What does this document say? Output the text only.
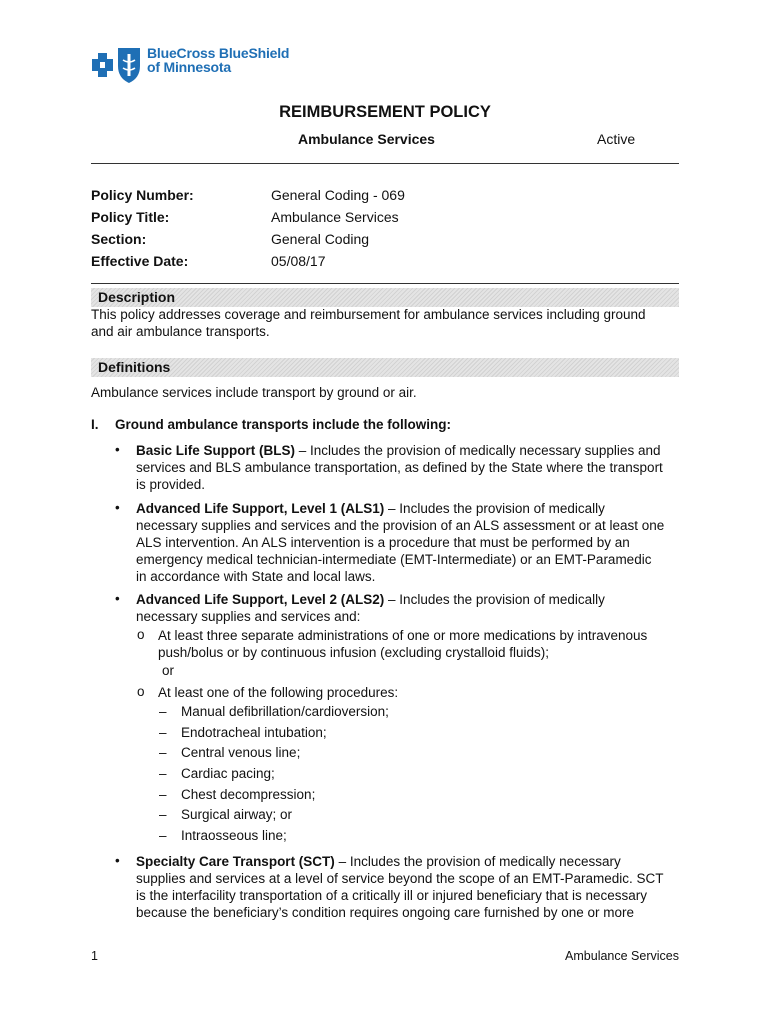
BlueCross BlueShield
of Minnesota
REIMBURSEMENT POLICY
Ambulance Services	Active
Policy Number:
Policy Title:
Section:
Effective Date:
General Coding - 069
Ambulance Services
General Coding
05/08/17
Description
This policy addresses coverage and reimbursement for ambulance services including ground
and air ambulance transports.
Definitions
Ambulance services include transport by ground or air.
I. Ground ambulance transports include the following:
• Basic Life Support (BLS) – Includes the provision of medically necessary supplies and
services and BLS ambulance transportation, as defined by the State where the transport
is provided.
• Advanced Life Support, Level 1 (ALS1) – Includes the provision of medically
necessary supplies and services and the provision of an ALS assessment or at least one
ALS intervention. An ALS intervention is a procedure that must be performed by an
emergency medical technician-intermediate (EMT-Intermediate) or an EMT-Paramedic
in accordance with State and local laws.
• Advanced Life Support, Level 2 (ALS2) – Includes the provision of medically
necessary supplies and services and:
o At least three separate administrations of one or more medications by intravenous
push/bolus or by continuous infusion (excluding crystalloid fluids);
or
o At least one of the following procedures:
– Manual defibrillation/cardioversion;
– Endotracheal intubation;
– Central venous line;
– Cardiac pacing;
– Chest decompression;
– Surgical airway; or
– Intraosseous line;
• Specialty Care Transport (SCT) – Includes the provision of medically necessary
supplies and services at a level of service beyond the scope of an EMT-Paramedic. SCT
is the interfacility transportation of a critically ill or injured beneficiary that is necessary
because the beneficiary’s condition requires ongoing care furnished by one or more
1	Ambulance Services
